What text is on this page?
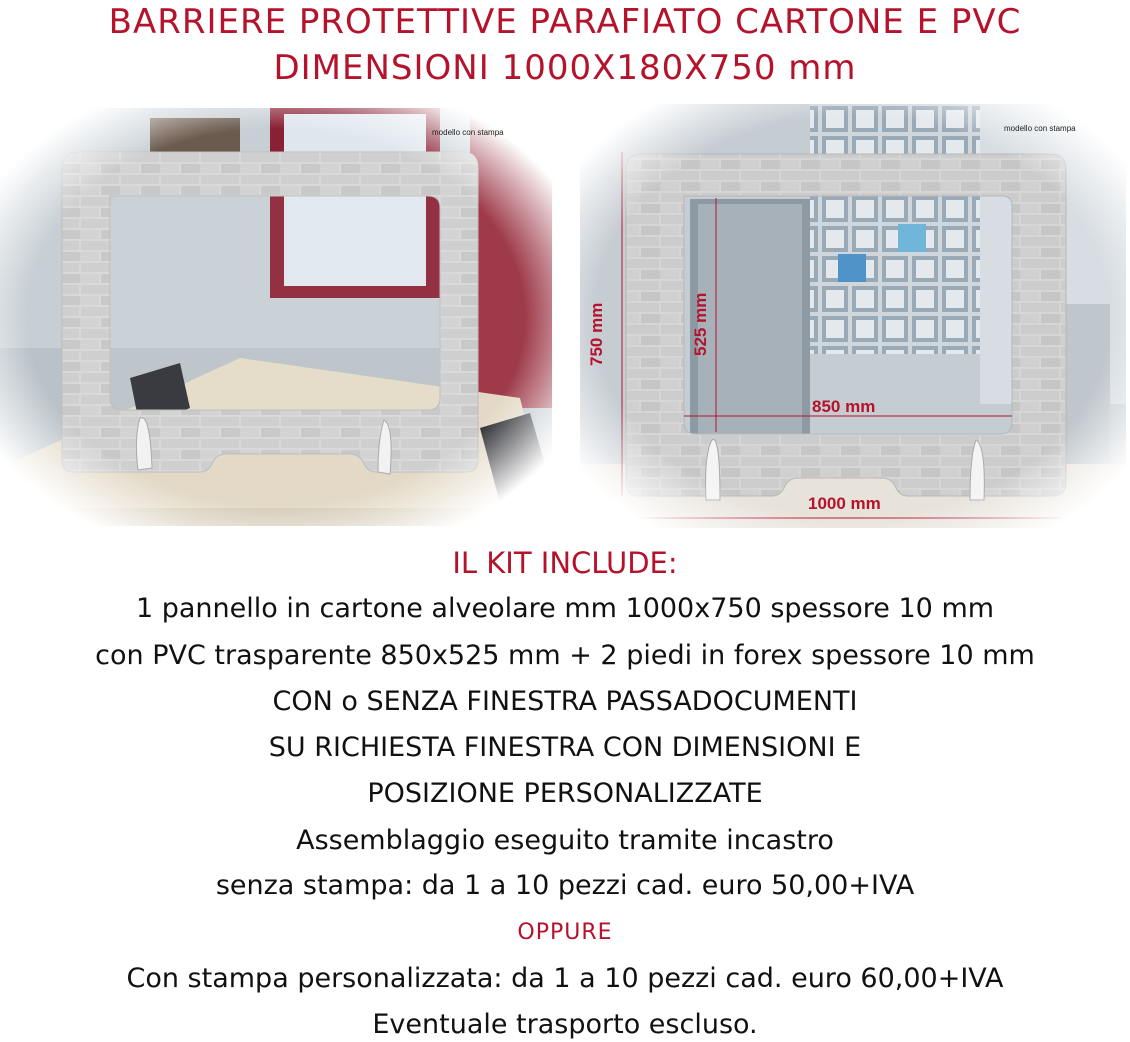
BARRIERE PROTETTIVE PARAFIATO CARTONE E PVC
DIMENSIONI 1000X180X750 mm
modello con stampa
750 mm	525 mm
850 mm
1000 mm
modello con stampa
IL KIT INCLUDE:
1 pannello in cartone alveolare mm 1000x750 spessore 10 mm
con PVC trasparente 850x525 mm + 2 piedi in forex spessore 10 mm
CON o SENZA FINESTRA PASSADOCUMENTI
SU RICHIESTA FINESTRA CON DIMENSIONI E
POSIZIONE PERSONALIZZATE
Assemblaggio eseguito tramite incastro
senza stampa: da 1 a 10 pezzi cad. euro 50,00+IVA
OPPURE
Con stampa personalizzata: da 1 a 10 pezzi cad. euro 60,00+IVA
Eventuale trasporto escluso.
